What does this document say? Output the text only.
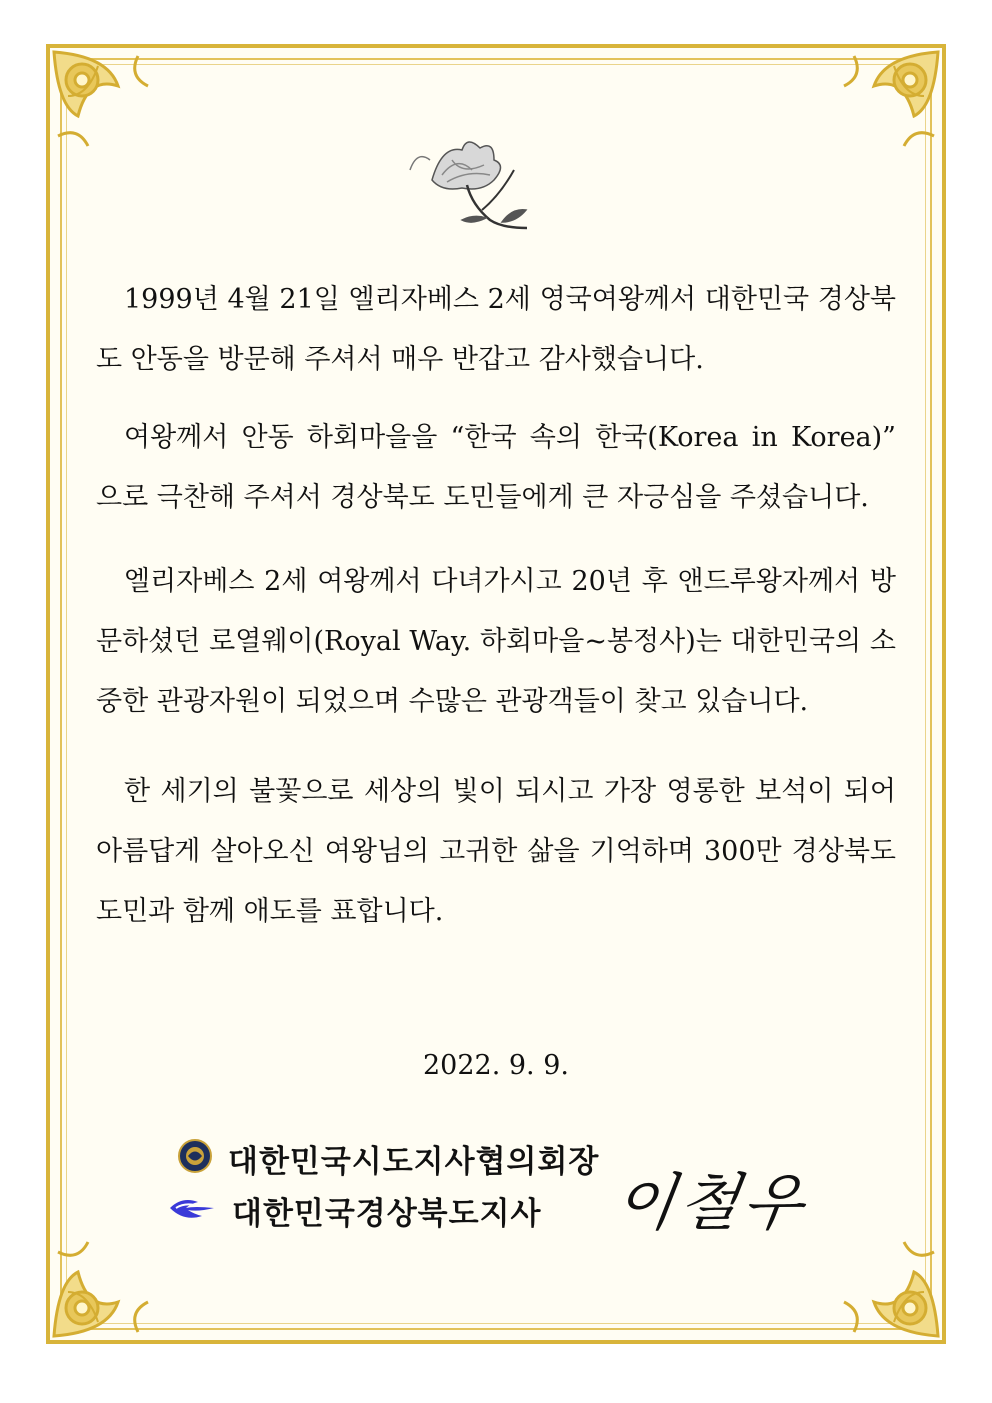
1999년 4월 21일 엘리자베스 2세 영국여왕께서 대한민국 경상북도 안동을 방문해 주셔서 매우 반갑고 감사했습니다.

여왕께서 안동 하회마을을 “한국 속의 한국(Korea in Korea)” 으로 극찬해 주셔서 경상북도 도민들에게 큰 자긍심을 주셨습니다.

엘리자베스 2세 여왕께서 다녀가시고 20년 후 앤드루왕자께서 방문하셨던 로열웨이(Royal Way. 하회마을~봉정사)는 대한민국의 소중한 관광자원이 되었으며 수많은 관광객들이 찾고 있습니다.

한 세기의 불꽃으로 세상의 빛이 되시고 가장 영롱한 보석이 되어 아름답게 살아오신 여왕님의 고귀한 삶을 기억하며 300만 경상북도 도민과 함께 애도를 표합니다.

2022. 9. 9.
대한민국시도지사협의회장
대한민국경상북도지사 이철우
